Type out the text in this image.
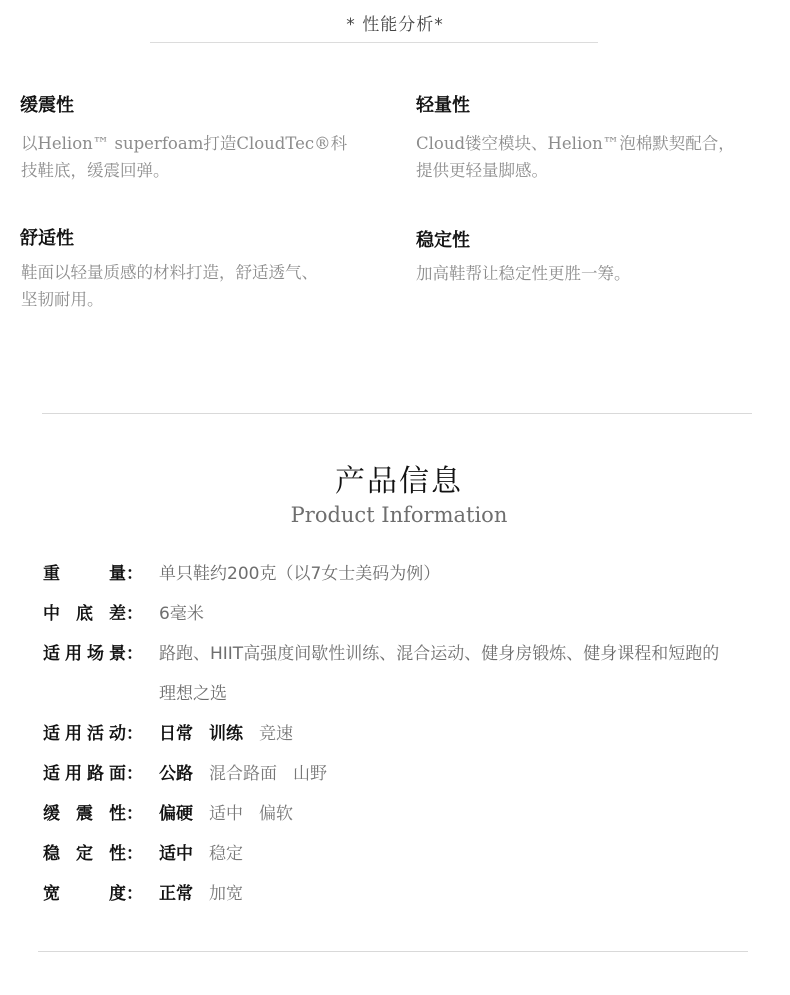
* 性能分析*
缓震性
以Helion™ superfoam打造CloudTec®科
技鞋底，缓震回弹。
轻量性
Cloud镂空模块、Helion™泡棉默契配合，
提供更轻量脚感。
舒适性
鞋面以轻量质感的材料打造，舒适透气、
坚韧耐用。
稳定性
加高鞋帮让稳定性更胜一筹。
产品信息
Product Information
重	量 ： 单只鞋约200克（以7女士美码为例）
中 底 差 ： 6毫米
适 用 场 景 ： 路跑、HIIT高强度间歇性训练、混合运动、健身房锻炼、健身课程和短跑的
理想之选
适 用 活 动 ： 日常 训练 竞速
适 用 路 面 ： 公路 混合路面 山野
缓 震 性 ： 偏硬 适中 偏软
稳 定 性 ： 适中 稳定
宽	度 ： 正常 加宽
